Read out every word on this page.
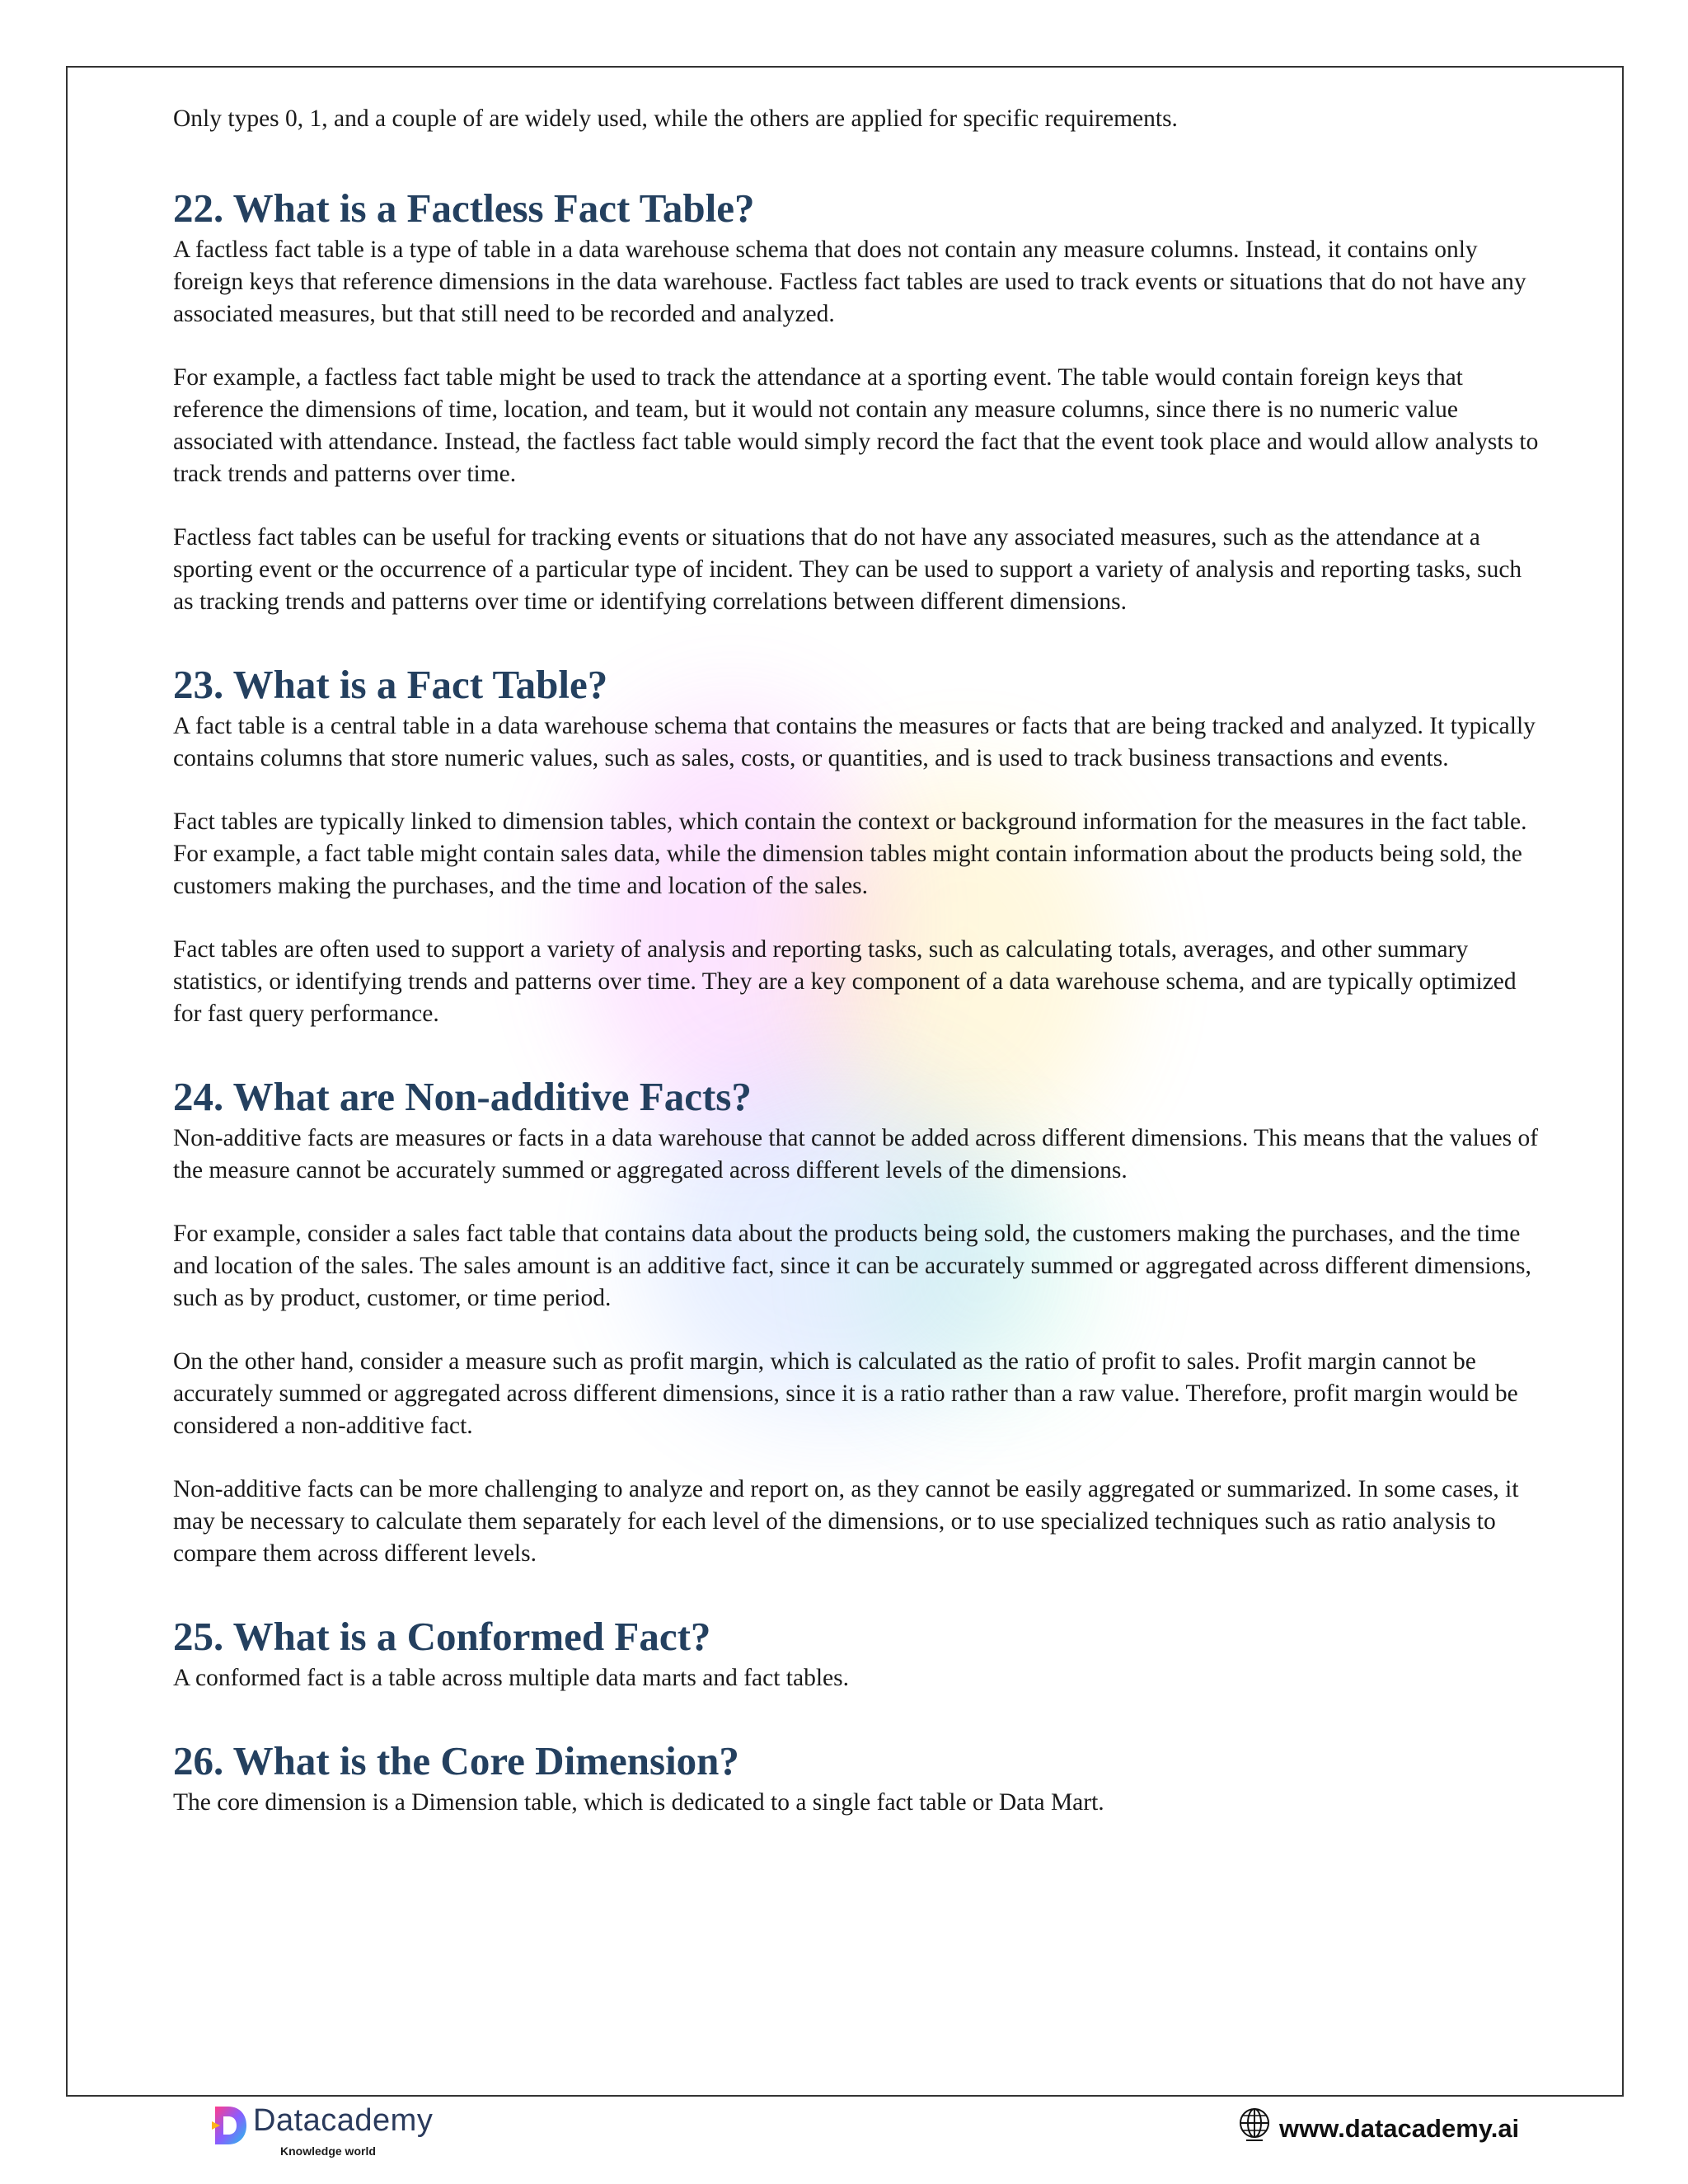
Only types 0, 1, and a couple of are widely used, while the others are applied for specific requirements.

22. What is a Factless Fact Table?

A factless fact table is a type of table in a data warehouse schema that does not contain any measure columns. Instead, it contains only foreign keys that reference dimensions in the data warehouse. Factless fact tables are used to track events or situations that do not have any associated measures, but that still need to be recorded and analyzed.

For example, a factless fact table might be used to track the attendance at a sporting event. The table would contain foreign keys that reference the dimensions of time, location, and team, but it would not contain any measure columns, since there is no numeric value associated with attendance. Instead, the factless fact table would simply record the fact that the event took place and would allow analysts to track trends and patterns over time.

Factless fact tables can be useful for tracking events or situations that do not have any associated measures, such as the attendance at a sporting event or the occurrence of a particular type of incident. They can be used to support a variety of analysis and reporting tasks, such as tracking trends and patterns over time or identifying correlations between different dimensions.

23. What is a Fact Table?

A fact table is a central table in a data warehouse schema that contains the measures or facts that are being tracked and analyzed. It typically contains columns that store numeric values, such as sales, costs, or quantities, and is used to track business transactions and events.

Fact tables are typically linked to dimension tables, which contain the context or background information for the measures in the fact table. For example, a fact table might contain sales data, while the dimension tables might contain information about the products being sold, the customers making the purchases, and the time and location of the sales.

Fact tables are often used to support a variety of analysis and reporting tasks, such as calculating totals, averages, and other summary statistics, or identifying trends and patterns over time. They are a key component of a data warehouse schema, and are typically optimized for fast query performance.

24. What are Non-additive Facts?

Non-additive facts are measures or facts in a data warehouse that cannot be added across different dimensions. This means that the values of the measure cannot be accurately summed or aggregated across different levels of the dimensions.

For example, consider a sales fact table that contains data about the products being sold, the customers making the purchases, and the time and location of the sales. The sales amount is an additive fact, since it can be accurately summed or aggregated across different dimensions, such as by product, customer, or time period.

On the other hand, consider a measure such as profit margin, which is calculated as the ratio of profit to sales. Profit margin cannot be accurately summed or aggregated across different dimensions, since it is a ratio rather than a raw value. Therefore, profit margin would be considered a non-additive fact.

Non-additive facts can be more challenging to analyze and report on, as they cannot be easily aggregated or summarized. In some cases, it may be necessary to calculate them separately for each level of the dimensions, or to use specialized techniques such as ratio analysis to compare them across different levels.

25. What is a Conformed Fact?

A conformed fact is a table across multiple data marts and fact tables.

26. What is the Core Dimension?

The core dimension is a Dimension table, which is dedicated to a single fact table or Data Mart.

Datacademy
Knowledge world
www.datacademy.ai
